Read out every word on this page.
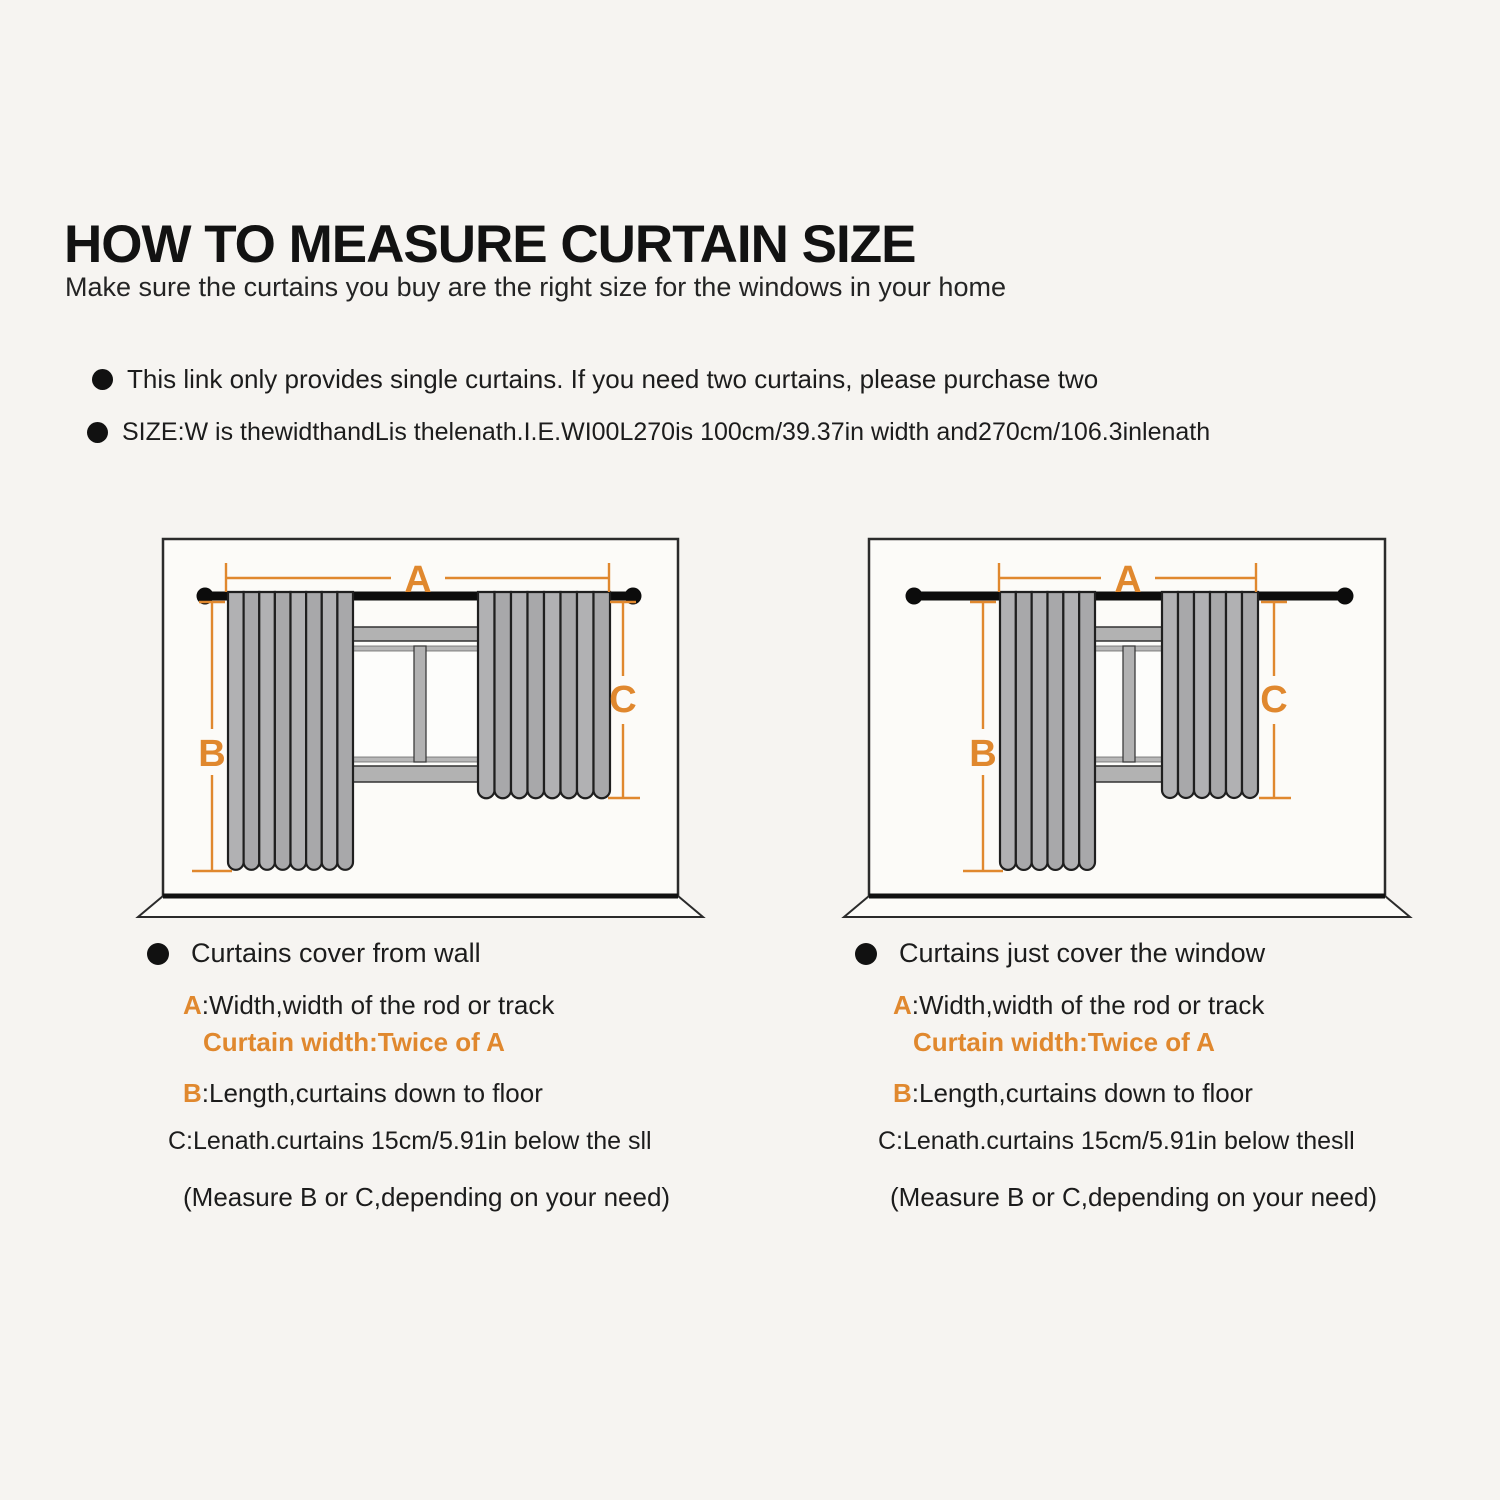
HOW TO MEASURE CURTAIN SIZE
Make sure the curtains you buy are the right size for the windows in your home
This link only provides single curtains. If you need two curtains, please purchase two
SIZE:W is thewidthandLis thelenath.I.E.WI00L270is 100cm/39.37in width and270cm/106.3inlenath
A
B
C
A
B
C
Curtains cover from wall
A:Width,width of the rod or track
Curtain width:Twice of A
B:Length,curtains down to floor
C:Lenath.curtains 15cm/5.91in below the sll
(Measure B or C,depending on your need)
Curtains just cover the window
A:Width,width of the rod or track
Curtain width:Twice of A
B:Length,curtains down to floor
C:Lenath.curtains 15cm/5.91in below thesll
(Measure B or C,depending on your need)
